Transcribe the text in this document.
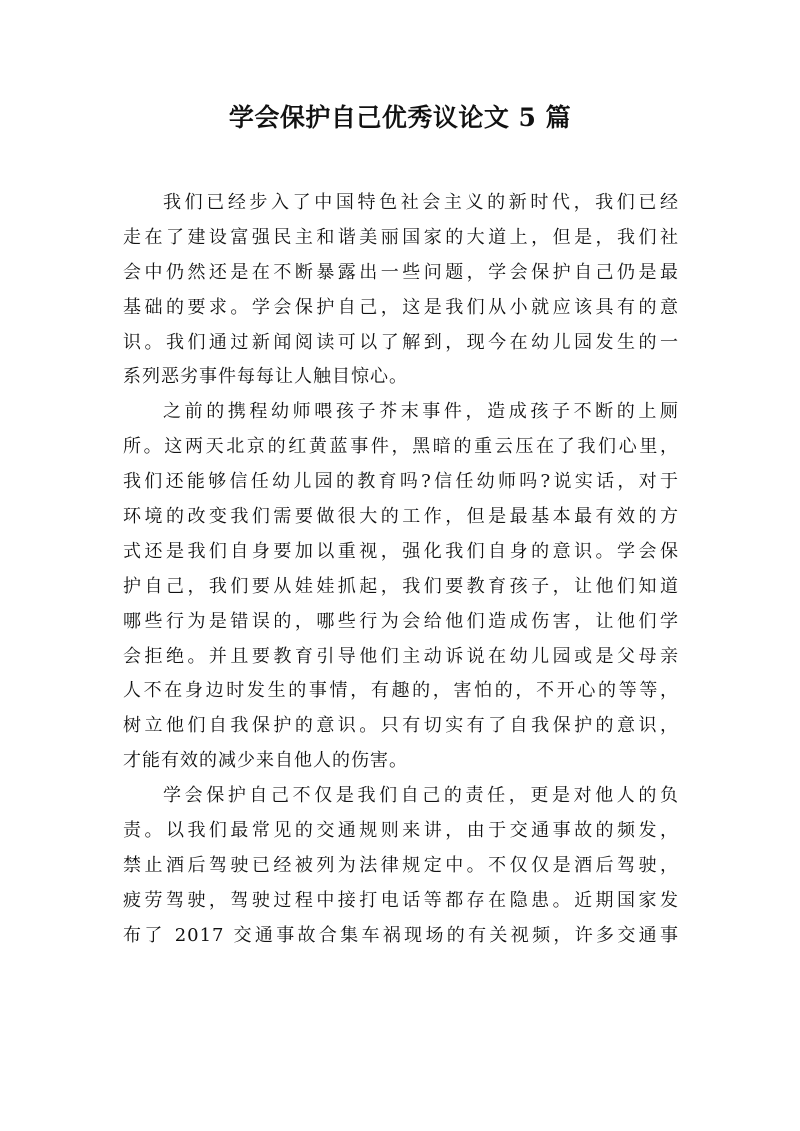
学会保护自己优秀议论文 5 篇
我们已经步入了中国特色社会主义的新时代，我们已经
走在了建设富强民主和谐美丽国家的大道上，但是，我们社
会中仍然还是在不断暴露出一些问题，学会保护自己仍是最
基础的要求。学会保护自己，这是我们从小就应该具有的意
识。我们通过新闻阅读可以了解到，现今在幼儿园发生的一
系列恶劣事件每每让人触目惊心。
之前的携程幼师喂孩子芥末事件，造成孩子不断的上厕
所。这两天北京的红黄蓝事件，黑暗的重云压在了我们心里，
我们还能够信任幼儿园的教育吗?信任幼师吗?说实话，对于
环境的改变我们需要做很大的工作，但是最基本最有效的方
式还是我们自身要加以重视，强化我们自身的意识。学会保
护自己，我们要从娃娃抓起，我们要教育孩子，让他们知道
哪些行为是错误的，哪些行为会给他们造成伤害，让他们学
会拒绝。并且要教育引导他们主动诉说在幼儿园或是父母亲
人不在身边时发生的事情，有趣的，害怕的，不开心的等等，
树立他们自我保护的意识。只有切实有了自我保护的意识，
才能有效的减少来自他人的伤害。
学会保护自己不仅是我们自己的责任，更是对他人的负
责。以我们最常见的交通规则来讲，由于交通事故的频发，
禁止酒后驾驶已经被列为法律规定中。不仅仅是酒后驾驶，
疲劳驾驶，驾驶过程中接打电话等都存在隐患。近期国家发
布了 2017 交通事故合集车祸现场的有关视频，许多交通事
